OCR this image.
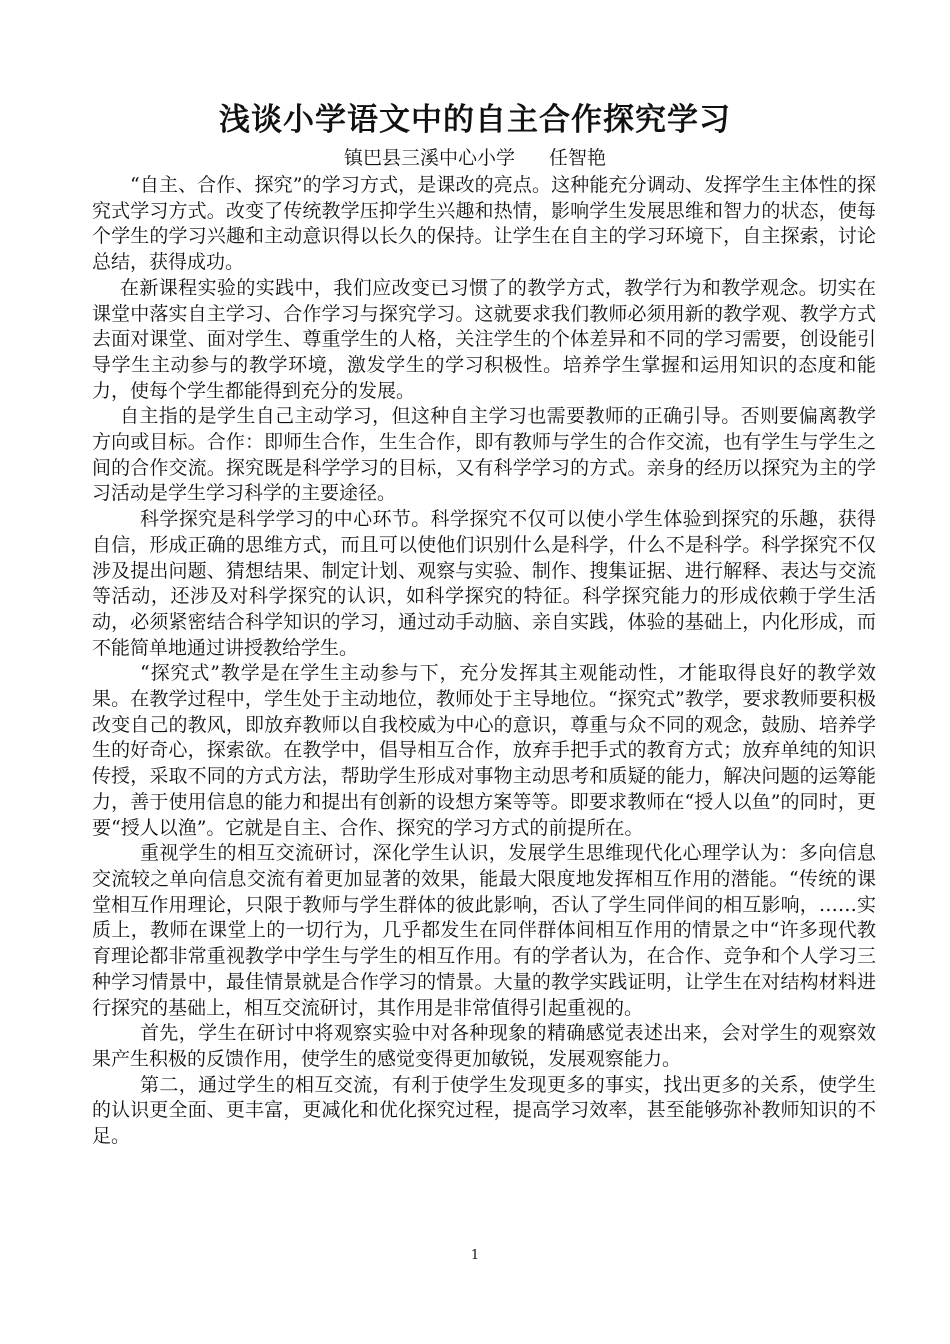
浅谈小学语文中的自主合作探究学习
镇巴县三溪中心小学 任智艳

“自主、合作、探究”的学习方式，是课改的亮点。这种能充分调动、发挥学生主体性的探究式学习方式。改变了传统教学压抑学生兴趣和热情，影响学生发展思维和智力的状态，使每个学生的学习兴趣和主动意识得以长久的保持。让学生在自主的学习环境下，自主探索，讨论总结，获得成功。

在新课程实验的实践中，我们应改变已习惯了的教学方式，教学行为和教学观念。切实在课堂中落实自主学习、合作学习与探究学习。这就要求我们教师必须用新的教学观、教学方式去面对课堂、面对学生、尊重学生的人格，关注学生的个体差异和不同的学习需要，创设能引导学生主动参与的教学环境，激发学生的学习积极性。培养学生掌握和运用知识的态度和能力，使每个学生都能得到充分的发展。

自主指的是学生自己主动学习，但这种自主学习也需要教师的正确引导。否则要偏离教学方向或目标。合作：即师生合作，生生合作，即有教师与学生的合作交流，也有学生与学生之间的合作交流。探究既是科学学习的目标，又有科学学习的方式。亲身的经历以探究为主的学习活动是学生学习科学的主要途径。

科学探究是科学学习的中心环节。科学探究不仅可以使小学生体验到探究的乐趣，获得自信，形成正确的思维方式，而且可以使他们识别什么是科学，什么不是科学。科学探究不仅涉及提出问题、猜想结果、制定计划、观察与实验、制作、搜集证据、进行解释、表达与交流等活动，还涉及对科学探究的认识，如科学探究的特征。科学探究能力的形成依赖于学生活动，必须紧密结合科学知识的学习，通过动手动脑、亲自实践，体验的基础上，内化形成，而不能简单地通过讲授教给学生。

“探究式”教学是在学生主动参与下，充分发挥其主观能动性，才能取得良好的教学效果。在教学过程中，学生处于主动地位，教师处于主导地位。“探究式”教学，要求教师要积极改变自己的教风，即放弃教师以自我校威为中心的意识，尊重与众不同的观念，鼓励、培养学生的好奇心，探索欲。在教学中，倡导相互合作，放弃手把手式的教育方式；放弃单纯的知识传授，采取不同的方式方法，帮助学生形成对事物主动思考和质疑的能力，解决问题的运筹能力，善于使用信息的能力和提出有创新的设想方案等等。即要求教师在“授人以鱼”的同时，更要“授人以渔”。它就是自主、合作、探究的学习方式的前提所在。

重视学生的相互交流研讨，深化学生认识，发展学生思维现代化心理学认为：多向信息交流较之单向信息交流有着更加显著的效果，能最大限度地发挥相互作用的潜能。“传统的课堂相互作用理论，只限于教师与学生群体的彼此影响，否认了学生同伴间的相互影响，……实质上，教师在课堂上的一切行为，几乎都发生在同伴群体间相互作用的情景之中“许多现代教育理论都非常重视教学中学生与学生的相互作用。有的学者认为，在合作、竞争和个人学习三种学习情景中，最佳情景就是合作学习的情景。大量的教学实践证明，让学生在对结构材料进行探究的基础上，相互交流研讨，其作用是非常值得引起重视的。

首先，学生在研讨中将观察实验中对各种现象的精确感觉表述出来，会对学生的观察效果产生积极的反馈作用，使学生的感觉变得更加敏锐，发展观察能力。

第二，通过学生的相互交流，有利于使学生发现更多的事实，找出更多的关系，使学生的认识更全面、更丰富，更减化和优化探究过程，提高学习效率，甚至能够弥补教师知识的不足。

1
